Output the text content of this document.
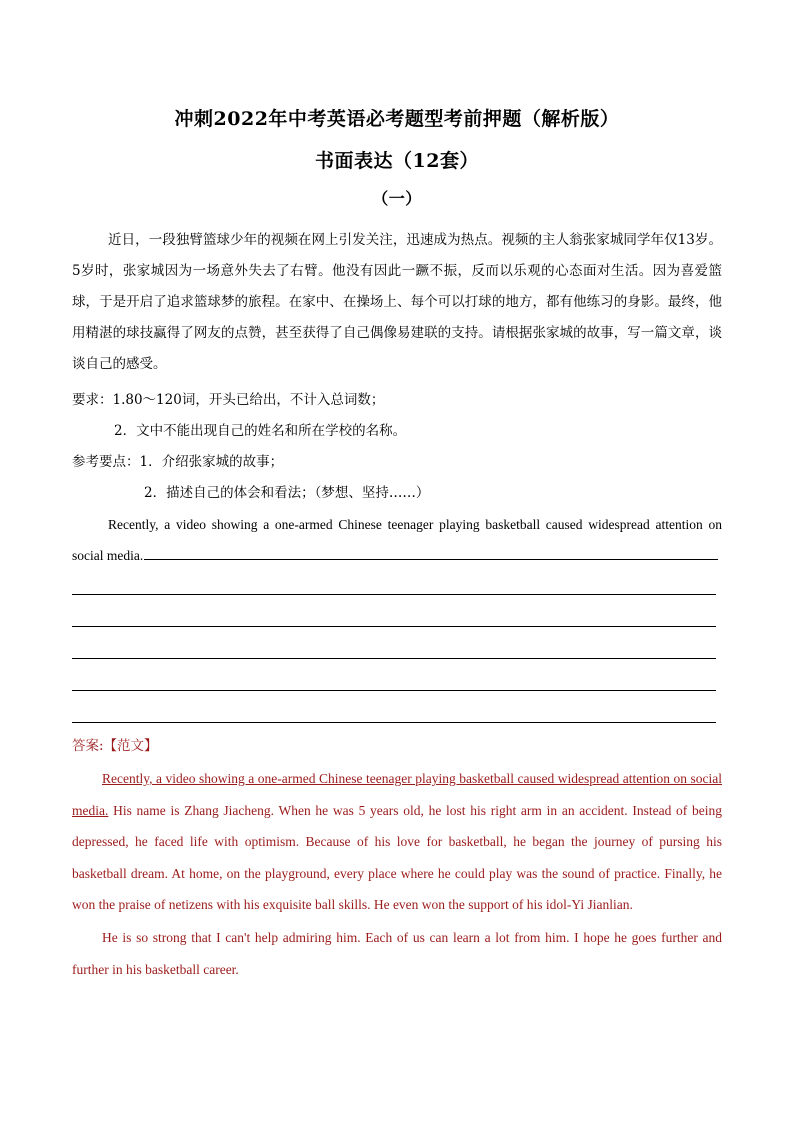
冲刺2022年中考英语必考题型考前押题（解析版）
书面表达（12套）
（一）
近日，一段独臂篮球少年的视频在网上引发关注，迅速成为热点。视频的主人翁张家城同学年仅13岁。5岁时，张家城因为一场意外失去了右臂。他没有因此一蹶不振，反而以乐观的心态面对生活。因为喜爱篮球，于是开启了追求篮球梦的旅程。在家中、在操场上、每个可以打球的地方，都有他练习的身影。最终，他用精湛的球技赢得了网友的点赞，甚至获得了自己偶像易建联的支持。请根据张家城的故事，写一篇文章，谈谈自己的感受。
要求：1.80～120词，开头已给出，不计入总词数；
2．文中不能出现自己的姓名和所在学校的名称。
参考要点：1．介绍张家城的故事；
2．描述自己的体会和看法；（梦想、坚持……）
Recently, a video showing a one-armed Chinese teenager playing basketball caused widespread attention on social media.
答案:【范文】
Recently, a video showing a one-armed Chinese teenager playing basketball caused widespread attention on social media. His name is Zhang Jiacheng. When he was 5 years old, he lost his right arm in an accident. Instead of being depressed, he faced life with optimism. Because of his love for basketball, he began the journey of pursing his basketball dream. At home, on the playground, every place where he could play was the sound of practice. Finally, he won the praise of netizens with his exquisite ball skills. He even won the support of his idol-Yi Jianlian.
He is so strong that I can't help admiring him. Each of us can learn a lot from him. I hope he goes further and further in his basketball career.
